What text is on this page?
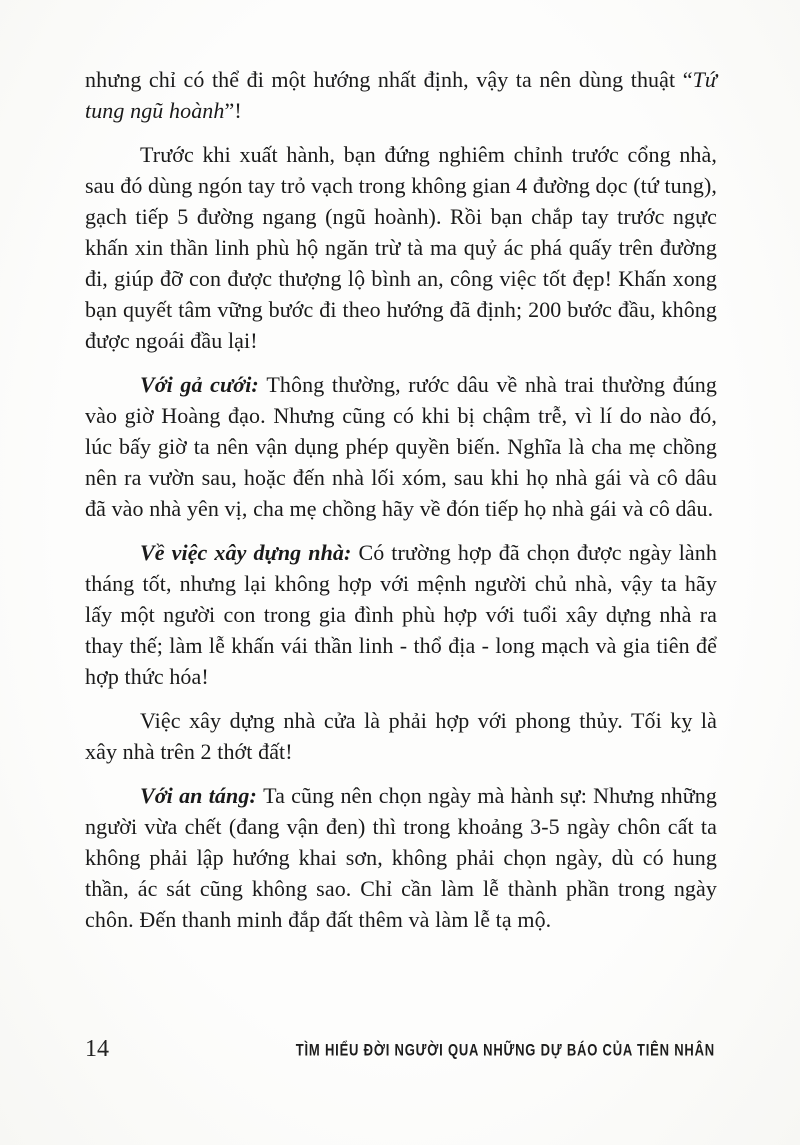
nhưng chỉ có thể đi một hướng nhất định, vậy ta nên dùng thuật “Tứ tung ngũ hoành”!

Trước khi xuất hành, bạn đứng nghiêm chỉnh trước cổng nhà, sau đó dùng ngón tay trỏ vạch trong không gian 4 đường dọc (tứ tung), gạch tiếp 5 đường ngang (ngũ hoành). Rồi bạn chắp tay trước ngực khấn xin thần linh phù hộ ngăn trừ tà ma quỷ ác phá quấy trên đường đi, giúp đỡ con được thượng lộ bình an, công việc tốt đẹp! Khấn xong bạn quyết tâm vững bước đi theo hướng đã định; 200 bước đầu, không được ngoái đầu lại!

Với gả cưới: Thông thường, rước dâu về nhà trai thường đúng vào giờ Hoàng đạo. Nhưng cũng có khi bị chậm trễ, vì lí do nào đó, lúc bấy giờ ta nên vận dụng phép quyền biến. Nghĩa là cha mẹ chồng nên ra vườn sau, hoặc đến nhà lối xóm, sau khi họ nhà gái và cô dâu đã vào nhà yên vị, cha mẹ chồng hãy về đón tiếp họ nhà gái và cô dâu.

Về việc xây dựng nhà: Có trường hợp đã chọn được ngày lành tháng tốt, nhưng lại không hợp với mệnh người chủ nhà, vậy ta hãy lấy một người con trong gia đình phù hợp với tuổi xây dựng nhà ra thay thế; làm lễ khấn vái thần linh - thổ địa - long mạch và gia tiên để hợp thức hóa!

Việc xây dựng nhà cửa là phải hợp với phong thủy. Tối kỵ là xây nhà trên 2 thớt đất!

Với an táng: Ta cũng nên chọn ngày mà hành sự: Nhưng những người vừa chết (đang vận đen) thì trong khoảng 3-5 ngày chôn cất ta không phải lập hướng khai sơn, không phải chọn ngày, dù có hung thần, ác sát cũng không sao. Chỉ cần làm lễ thành phần trong ngày chôn. Đến thanh minh đắp đất thêm và làm lễ tạ mộ.

14	TÌM HIỂU ĐỜI NGƯỜI QUA NHỮNG DỰ BÁO CỦA TIÊN NHÂN
